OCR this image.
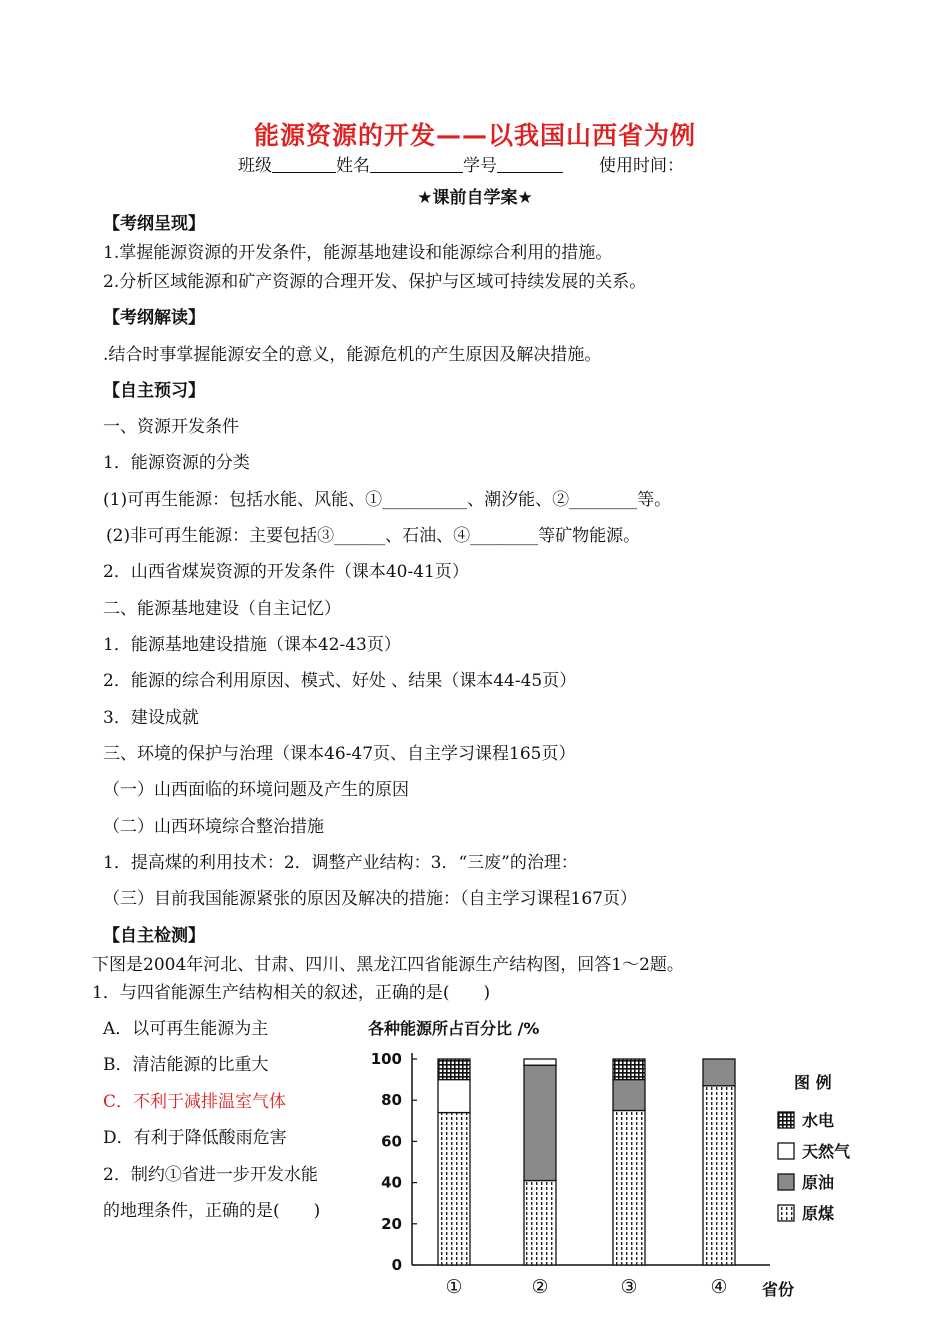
能源资源的开发——以我国山西省为例
班级	姓名	学号	使用时间：
★课前自学案★
【考纲呈现】
1.掌握能源资源的开发条件，能源基地建设和能源综合利用的措施。
2.分析区域能源和矿产资源的合理开发、保护与区域可持续发展的关系。
【考纲解读】
.结合时事掌握能源安全的意义，能源危机的产生原因及解决措施。
【自主预习】
一、资源开发条件
1．能源资源的分类
(1)可再生能源：包括水能、风能、①__________、潮汐能、②________等。
(2)非可再生能源：主要包括③______、石油、④________等矿物能源。
2．山西省煤炭资源的开发条件（课本40-41页）
二、能源基地建设（自主记忆）
1．能源基地建设措施（课本42-43页）
2．能源的综合利用原因、模式、好处 、结果（课本44-45页）
3．建设成就
三、环境的保护与治理（课本46-47页、自主学习课程165页）
（一）山西面临的环境问题及产生的原因
（二）山西环境综合整治措施
1．提高煤的利用技术：2．调整产业结构：3．“三废”的治理：
（三）目前我国能源紧张的原因及解决的措施：（自主学习课程167页）
【自主检测】
下图是2004年河北、甘肃、四川、黑龙江四省能源生产结构图，回答1～2题。
1．与四省能源生产结构相关的叙述，正确的是(　　)
A．以可再生能源为主
B．清洁能源的比重大
C．不利于减排温室气体
D．有利于降低酸雨危害
2．制约①省进一步开发水能
的地理条件，正确的是(　　)
各种能源所占百分比 /%
0
20
40
60
80
100
①	②	③	④ 省份
图 例
水电
天然气
原油
原煤
